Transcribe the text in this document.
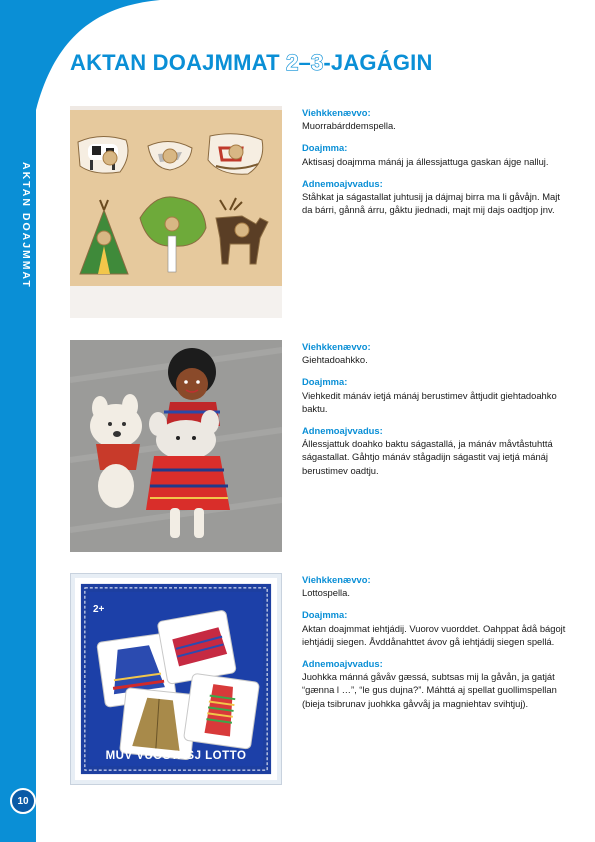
AKTAN DOAJMMAT
10
AKTAN DOAJMMAT 2–3-JAGÁGIN
2+
MUV VUOSTASJ LOTTO

Viehkkenævvo:

Muorrabárddemspella.

Doajmma:

Aktisasj doajmma mánáj ja állessjattuga gaskan ájge nalluj.

Adnemoajvvadus:

Ståhkat ja ságastallat juhtusij ja dájmaj birra ma li gåvåjn. Majt da bárri, gånnå árru, gåktu jiednadi, majt mij dajs oadtjop jnv.

Viehkkenævvo:

Giehtadoahkko.

Doajmma:

Viehkedit mánáv ietjá mánáj berustimev åttjudit giehtadoahko baktu.

Adnemoajvvadus:

Állessjattuk doahko baktu ságastallá, ja mánáv måvtåstuhttá ságastallat. Gåhtjo mánáv stågadijn ságastit vaj ietjá mánáj berustimev oadtju.

Viehkkenævvo:

Lottospella.

Doajmma:

Aktan doajmmat iehtjádij. Vuorov vuorddet. Oahppat ådå bágojt iehtjádij siegen. Åvddånahttet ávov gå iehtjádij siegen spellá.

Adnemoajvvadus:

Juohkka mánná gåvåv gæssá, subtsas mij la gåvån, ja gatját “gænna l …”, “le gus dujna?”. Máhttá aj spellat guollimspellan (bieja tsibrunav juohkka gåvvåj ja magniehtav svihtjuj).
